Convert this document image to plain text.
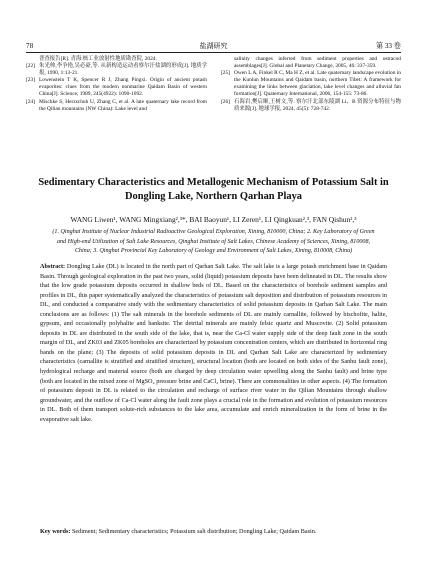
78	盐湖研究	第 33 卷
普査报告[R]. 青海:核工业放射性地质勘査院, 2024.
[22] 朱光帅,李争艳,吴必豪,等. 从新构造运动看察尔汗盐湖的形成[J]. 地质学报, 1990, 1:13-21.
[23] Lowenstein T K, Spencer R J, Zhang Pingxi. Origin of ancient potash evaporites: clues from the modern nonmarine Qaidam Basin of western China[J]. Science, 1989, 245(4922): 1090-1092.
[24] Mischke S, Herzschuh U, Zhang C, et al. A late quaternary lake record from the Qilian mountains (NW China): Lake level and
salinity changes inferred from sediment properties and ostracod assemblages[J]. Global and Planetary Change, 2005, 46: 337-359.
[25] Owen L A, Finkel R C, Ma H Z, et al. Late quaternary landscape evolution in the Kunlun Mountains and Qaidam basin, northern Tibet: A framework for examining the links between glaciation, lake level changes and alluvial fan formation[J]. Quaternary International, 2006, 154-155: 73-86.
[26] 石海岩,樊启顺,王树文,等. 察尔汗北部东陵湖 Li、B 资源分布特征与物质来源[J]. 地球学报, 2024, 45(5): 728-742.
Sedimentary Characteristics and Metallogenic Mechanism of Potassium Salt in Dongling Lake, Northern Qarhan Playa
WANG Liwen¹, WANG Mingxiang²,³*, BAI Baoyun¹, LI Zeren¹, LI Qingkuan²,³, FAN Qishun²,³
(1. Qinghai Institute of Nuclear Industrial Radioactive Geological Exploration, Xining, 810000, China; 2. Key Laboratory of Green and High-end Utilization of Salt Lake Resources, Qinghai Institute of Salt Lakes, Chinese Academy of Sciences, Xining, 810008, China; 3. Qinghai Provincial Key Laboratory of Geology and Environment of Salt Lakes, Xining, 810008, China)
Abstract: Dongling Lake (DL) is located in the north part of Qarhan Salt Lake. The salt lake is a large potash enrichment base in Qaidam Basin. Through geological exploration in the past two years, solid (liquid) potassium deposits have been delineated in DL. The results show that the low grade potassium deposits occurred in shallow beds of DL. Based on the characteristics of borehole sediment samples and profiles in DL, this paper systematically analyzed the characteristics of potassium salt deposition and distribution of potassium resources in DL, and conducted a comparative study with the sedimentary characteristics of solid potassium deposits in Qarhan Salt Lake. The main conclusions are as follows: (1) The salt minerals in the borehole sediments of DL are mainly carnallite, followed by bischofite, halite, gypsum, and occasionally polyhalite and hanksite. The detrital minerals are mainly felsic quartz and Muscovite. (2) Solid potassium deposits in DL are distributed in the south side of the lake, that is, near the Ca-Cl water supply side of the deep fault zone in the south margin of DL, and ZK03 and ZK05 boreholes are characterized by potassium concentration centers, which are distributed in horizontal ring bands on the plane; (3) The deposits of solid potassium deposits in DL and Qarhan Salt Lake are characterized by sedimentary characteristics (carnallite is stratified and stratified structure), structural location (both are located on both sides of the Sanhu fault zone), hydrological recharge and material source (both are charged by deep circulation water upwelling along the Sanhu fault) and brine type (both are located in the mixed zone of MgSO₄ pressure brine and CaCl₂ brine). There are commonalities in other aspects. (4) The formation of potassium deposit in DL is related to the circulation and recharge of surface river water in the Qilian Mountains through shallow groundwater, and the outflow of Ca-Cl water along the fault zone plays a crucial role in the formation and evolution of potassium resources in DL. Both of them transport solute-rich substances to the lake area, accumulate and enrich mineralization in the form of brine in the evaporative salt lake.
Key words: Sediment; Sedimentary characteristics; Potassium salt distribution; Dongling Lake; Qaidam Basin.
